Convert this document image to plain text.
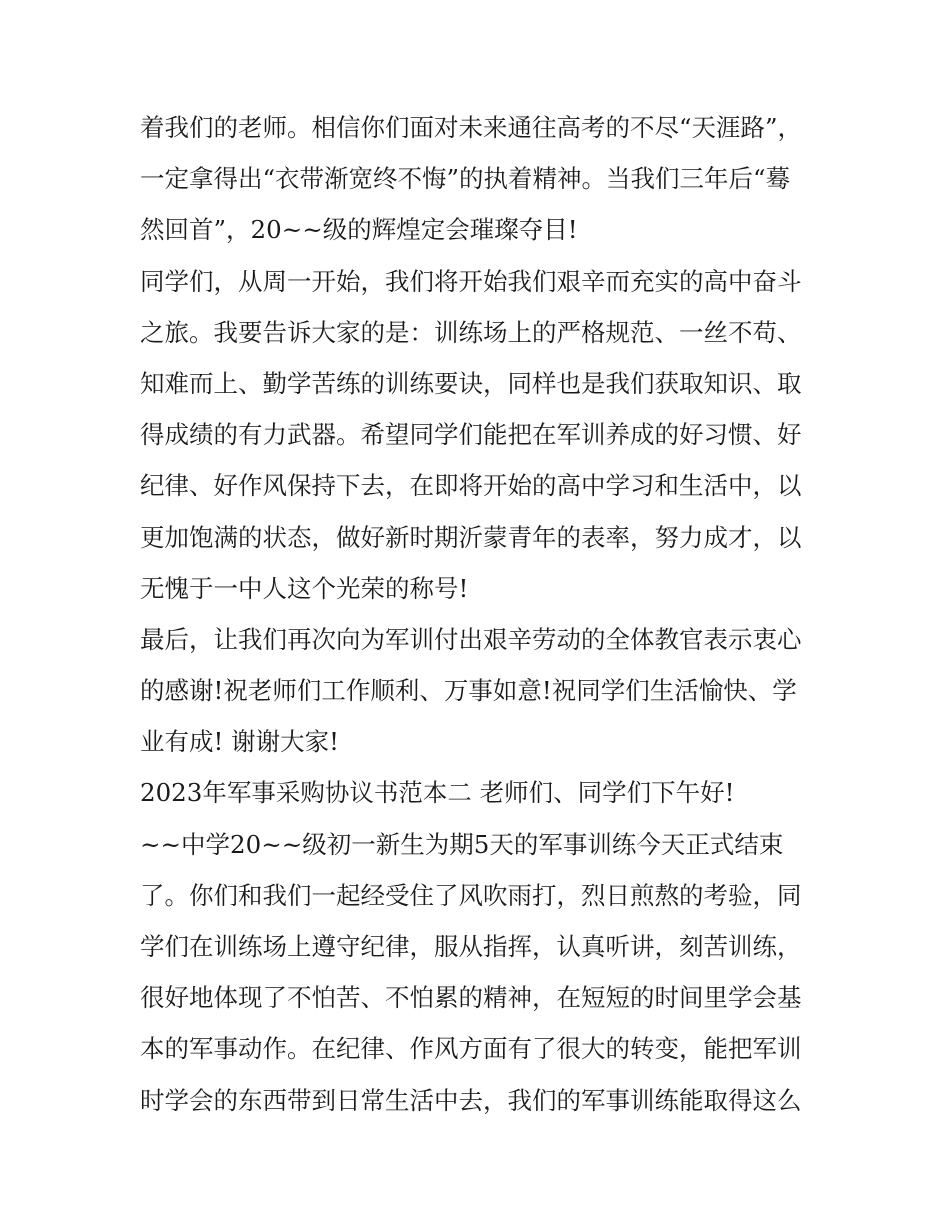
着我们的老师。相信你们面对未来通往高考的不尽“天涯路”，
一定拿得出“衣带渐宽终不悔”的执着精神。当我们三年后“蓦
然回首”，20~~级的辉煌定会璀璨夺目!
同学们，从周一开始，我们将开始我们艰辛而充实的高中奋斗
之旅。我要告诉大家的是：训练场上的严格规范、一丝不苟、
知难而上、勤学苦练的训练要诀，同样也是我们获取知识、取
得成绩的有力武器。希望同学们能把在军训养成的好习惯、好
纪律、好作风保持下去，在即将开始的高中学习和生活中，以
更加饱满的状态，做好新时期沂蒙青年的表率，努力成才，以
无愧于一中人这个光荣的称号!
最后，让我们再次向为军训付出艰辛劳动的全体教官表示衷心
的感谢!祝老师们工作顺利、万事如意!祝同学们生活愉快、学
业有成! 谢谢大家!
2023年军事采购协议书范本二 老师们、同学们下午好!
~~中学20~~级初一新生为期5天的军事训练今天正式结束
了。你们和我们一起经受住了风吹雨打，烈日煎熬的考验，同
学们在训练场上遵守纪律，服从指挥，认真听讲，刻苦训练，
很好地体现了不怕苦、不怕累的精神，在短短的时间里学会基
本的军事动作。在纪律、作风方面有了很大的转变，能把军训
时学会的东西带到日常生活中去，我们的军事训练能取得这么
